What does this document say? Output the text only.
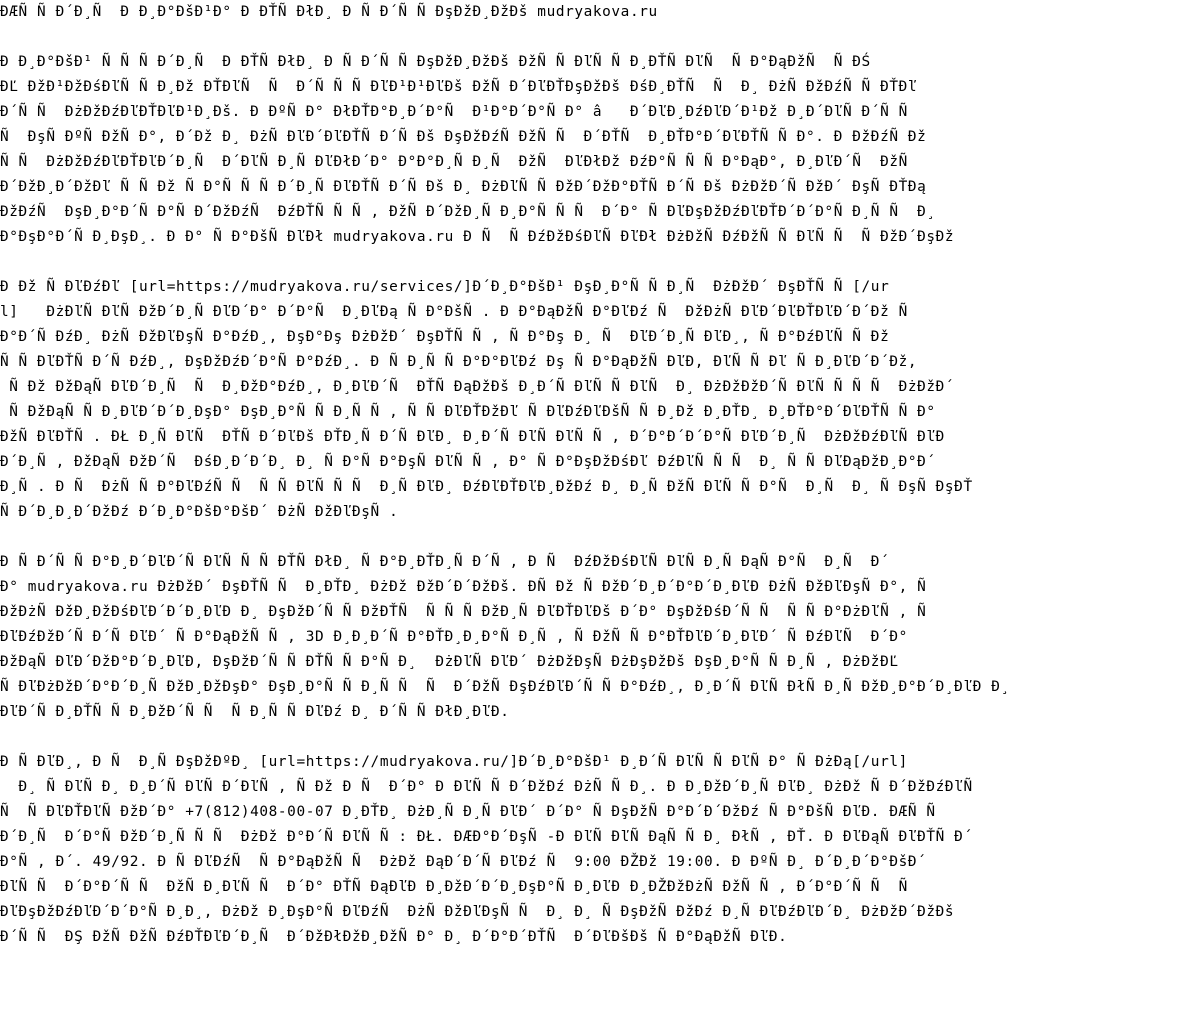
ÐÆÑ Ñ Ð´Ð¸Ñ  Ð Ð¸Ð°ÐšÐ¹Ð° Ð ÐŤÑ ÐłÐ¸ Ð Ñ Ð´Ñ Ñ ÐşÐžÐ¸ÐžÐš mudryakova.ru
Ð Ð¸Ð°ÐšÐ¹ Ñ Ñ Ñ Ð´Ð¸Ñ  Ð ÐŤÑ ÐłÐ¸ Ð Ñ Ð´Ñ Ñ ÐşÐžÐ¸ÐžÐš ÐžÑ Ñ ÐľÑ Ñ Ð¸ÐŤÑ ÐľÑ  Ñ Ð°ÐąÐžÑ  Ñ ÐŚ
ÐĽ ÐžÐ¹ÐžÐśÐľÑ Ñ Ð¸Ðž ÐŤÐľÑ  Ñ  Ð´Ñ Ñ Ñ ÐľÐ¹Ð¹ÐľÐš ÐžÑ Ð´ÐľÐŤÐşÐžÐš ÐśÐ¸ÐŤÑ  Ñ  Ð¸ ÐżÑ ÐžÐźÑ Ñ ÐŤÐľ
Ð´Ñ Ñ  ÐżÐžÐźÐľÐŤÐľÐ¹Ð¸Ðš. Ð ÐºÑ Ð° ÐłÐŤÐ°Ð¸Ð´Ð°Ñ  Ð¹Ð°Ð´Ð°Ñ Ð° â   Ð´ÐľÐ¸ÐźÐľÐ´Ð¹Ðž Ð¸Ð´ÐľÑ Ð´Ñ Ñ
Ñ  ÐşÑ ÐºÑ ÐžÑ Ð°, Ð´Ðž Ð¸ ÐżÑ ÐľÐ´ÐľÐŤÑ Ð´Ñ Ðš ÐşÐžÐźÑ ÐžÑ Ñ  Ð´ÐŤÑ  Ð¸ÐŤÐ°Ð´ÐľÐŤÑ Ñ Ð°. Ð ÐžÐźÑ Ðž
Ñ Ñ  ÐżÐžÐźÐľÐŤÐľÐ´Ð¸Ñ  Ð´ÐľÑ Ð¸Ñ ÐľÐłÐ´Ð° Ð°Ð°Ð¸Ñ Ð¸Ñ  ÐžÑ  ÐľÐłÐž ÐźÐ°Ñ Ñ Ñ Ð°ÐąÐ°, Ð¸ÐľÐ´Ñ  ÐžÑ
Ð´ÐžÐ¸Ð´ÐžÐľ Ñ Ñ Ðž Ñ Ð°Ñ Ñ Ñ Ð´Ð¸Ñ ÐľÐŤÑ Ð´Ñ Ðš Ð¸ ÐżÐľÑ Ñ ÐžÐ´ÐžÐ°ÐŤÑ Ð´Ñ Ðš ÐżÐžÐ´Ñ ÐžÐ´ ÐşÑ ÐŤÐą
ÐžÐźÑ  ÐşÐ¸Ð°Ð´Ñ Ð°Ñ Ð´ÐžÐźÑ  ÐźÐŤÑ Ñ Ñ , ÐžÑ Ð´ÐžÐ¸Ñ Ð¸Ð°Ñ Ñ Ñ  Ð´Ð° Ñ ÐľÐşÐžÐźÐľÐŤÐ´Ð´Ð°Ñ Ð¸Ñ Ñ  Ð¸
Ð°ÐşÐ°Ð´Ñ Ð¸ÐşÐ¸. Ð Ð° Ñ Ð°ÐšÑ ÐľÐł mudryakova.ru Ð Ñ  Ñ ÐźÐžÐśÐľÑ ÐľÐł ÐżÐžÑ ÐźÐžÑ Ñ ÐľÑ Ñ  Ñ ÐžÐ´ÐşÐž
Ð Ðž Ñ ÐľÐźÐľ [url=https://mudryakova.ru/services/]Ð´Ð¸Ð°ÐšÐ¹ ÐşÐ¸Ð°Ñ Ñ Ð¸Ñ  ÐżÐžÐ´ ÐşÐŤÑ Ñ [/ur
l]   ÐżÐľÑ ÐľÑ ÐžÐ´Ð¸Ñ ÐľÐ´Ð° Ð´Ð°Ñ  Ð¸ÐľÐą Ñ Ð°ÐšÑ . Ð Ð°ÐąÐžÑ Ð°ÐľÐź Ñ  ÐžÐżÑ ÐľÐ´ÐľÐŤÐľÐ´Ð´Ðž Ñ
Ð°Ð´Ñ ÐźÐ¸ ÐżÑ ÐžÐľÐşÑ Ð°ÐźÐ¸, ÐşÐ°Ðş ÐżÐžÐ´ ÐşÐŤÑ Ñ , Ñ Ð°Ðş Ð¸ Ñ  ÐľÐ´Ð¸Ñ ÐľÐ¸, Ñ Ð°ÐźÐľÑ Ñ Ðž
Ñ Ñ ÐľÐŤÑ Ð´Ñ ÐźÐ¸, ÐşÐžÐźÐ´Ð°Ñ Ð°ÐźÐ¸. Ð Ñ Ð¸Ñ Ñ Ð°Ð°ÐľÐź Ðş Ñ Ð°ÐąÐžÑ ÐľÐ, ÐľÑ Ñ Ðľ Ñ Ð¸ÐľÐ´Ð´Ðž,
Ñ Ðž ÐžÐąÑ ÐľÐ´Ð¸Ñ  Ñ  Ð¸ÐžÐ°ÐźÐ¸, Ð¸ÐľÐ´Ñ  ÐŤÑ ÐąÐžÐš Ð¸Ð´Ñ ÐľÑ Ñ ÐľÑ  Ð¸ ÐżÐžÐžÐ´Ñ ÐľÑ Ñ Ñ Ñ  ÐżÐžÐ´
Ñ ÐžÐąÑ Ñ Ð¸ÐľÐ´Ð´Ð¸ÐşÐ° ÐşÐ¸Ð°Ñ Ñ Ð¸Ñ Ñ , Ñ Ñ ÐľÐŤÐžÐľ Ñ ÐľÐźÐľÐšÑ Ñ Ð¸Ðž Ð¸ÐŤÐ¸ Ð¸ÐŤÐ°Ð´ÐľÐŤÑ Ñ Ð°
ÐžÑ ÐľÐŤÑ . ÐŁ Ð¸Ñ ÐľÑ  ÐŤÑ Ð´ÐľÐš ÐŤÐ¸Ñ Ð´Ñ ÐľÐ¸ Ð¸Ð´Ñ ÐľÑ ÐľÑ Ñ , Ð´Ð°Ð´Ð´Ð°Ñ ÐľÐ´Ð¸Ñ  ÐżÐžÐźÐľÑ ÐľÐ
Ð´Ð¸Ñ , ÐžÐąÑ ÐžÐ´Ñ  ÐśÐ¸Ð´Ð´Ð¸ Ð¸ Ñ Ð°Ñ Ð°ÐşÑ ÐľÑ Ñ , Ð° Ñ Ð°ÐşÐžÐśÐľ ÐźÐľÑ Ñ Ñ  Ð¸ Ñ Ñ ÐľÐąÐžÐ¸Ð°Ð´
Ð¸Ñ . Ð Ñ  ÐżÑ Ñ Ð°ÐľÐźÑ Ñ  Ñ Ñ ÐľÑ Ñ Ñ  Ð¸Ñ ÐľÐ¸ ÐźÐľÐŤÐľÐ¸ÐžÐź Ð¸ Ð¸Ñ ÐžÑ ÐľÑ Ñ Ð°Ñ  Ð¸Ñ  Ð¸ Ñ ÐşÑ ÐşÐŤ
Ñ Ð´Ð¸Ð¸Ð´ÐžÐź Ð´Ð¸Ð°ÐšÐ°ÐšÐ´ ÐżÑ ÐžÐľÐşÑ .
Ð Ñ Ð´Ñ Ñ Ð°Ð¸Ð´ÐľÐ´Ñ ÐľÑ Ñ Ñ ÐŤÑ ÐłÐ¸ Ñ Ð°Ð¸ÐŤÐ¸Ñ Ð´Ñ , Ð Ñ  ÐźÐžÐśÐľÑ ÐľÑ Ð¸Ñ ÐąÑ Ð°Ñ  Ð¸Ñ  Ð´
Ð° mudryakova.ru ÐżÐžÐ´ ÐşÐŤÑ Ñ  Ð¸ÐŤÐ¸ ÐżÐž ÐžÐ´Ð´ÐžÐš. ÐÑ Ðž Ñ ÐžÐ´Ð¸Ð´Ð°Ð´Ð¸ÐľÐ ÐżÑ ÐžÐľÐşÑ Ð°, Ñ
ÐžÐżÑ ÐžÐ¸ÐžÐśÐľÐ´Ð´Ð¸ÐľÐ Ð¸ ÐşÐžÐ´Ñ Ñ ÐžÐŤÑ  Ñ Ñ Ñ ÐžÐ¸Ñ ÐľÐŤÐľÐš Ð´Ð° ÐşÐžÐśÐ´Ñ Ñ  Ñ Ñ Ð°ÐżÐľÑ , Ñ
ÐľÐźÐžÐ´Ñ Ð´Ñ ÐľÐ´ Ñ Ð°ÐąÐžÑ Ñ , 3D Ð¸Ð¸Ð´Ñ Ð°ÐŤÐ¸Ð¸Ð°Ñ Ð¸Ñ , Ñ ÐžÑ Ñ Ð°ÐŤÐľÐ´Ð¸ÐľÐ´ Ñ ÐźÐľÑ  Ð´Ð°
ÐžÐąÑ ÐľÐ´ÐžÐ°Ð´Ð¸ÐľÐ, ÐşÐžÐ´Ñ Ñ ÐŤÑ Ñ Ð°Ñ Ð¸  ÐżÐľÑ ÐľÐ´ ÐżÐžÐşÑ ÐżÐşÐžÐš ÐşÐ¸Ð°Ñ Ñ Ð¸Ñ , ÐżÐžÐĽ
Ñ ÐľÐżÐžÐ´Ð°Ð´Ð¸Ñ ÐžÐ¸ÐžÐşÐ° ÐşÐ¸Ð°Ñ Ñ Ð¸Ñ Ñ  Ñ  Ð´ÐžÑ ÐşÐźÐľÐ´Ñ Ñ Ð°ÐźÐ¸, Ð¸Ð´Ñ ÐľÑ ÐłÑ Ð¸Ñ ÐžÐ¸Ð°Ð´Ð¸ÐľÐ Ð¸
ÐľÐ´Ñ Ð¸ÐŤÑ Ñ Ð¸ÐžÐ´Ñ Ñ  Ñ Ð¸Ñ Ñ ÐľÐź Ð¸ Ð´Ñ Ñ ÐłÐ¸ÐľÐ.
Ð Ñ ÐľÐ¸, Ð Ñ  Ð¸Ñ ÐşÐžÐºÐ¸ [url=https://mudryakova.ru/]Ð´Ð¸Ð°ÐšÐ¹ Ð¸Ð´Ñ ÐľÑ Ñ ÐľÑ Ð° Ñ ÐżÐą[/url]
Ð¸ Ñ ÐľÑ Ð¸ Ð¸Ð´Ñ ÐľÑ Ð´ÐľÑ , Ñ Ðž Ð Ñ  Ð´Ð° Ð ÐľÑ Ñ Ð´ÐžÐź ÐżÑ Ñ Ð¸. Ð Ð¸ÐžÐ´Ð¸Ñ ÐľÐ¸ ÐżÐž Ñ Ð´ÐžÐźÐľÑ
Ñ  Ñ ÐľÐŤÐľÑ ÐžÐ´Ð° +7(812)408-00-07 Ð¸ÐŤÐ¸ ÐżÐ¸Ñ Ð¸Ñ ÐľÐ´ Ð´Ð° Ñ ÐşÐžÑ Ð°Ð´Ð´ÐžÐź Ñ Ð°ÐšÑ ÐľÐ. ÐÆÑ Ñ
Ð´Ð¸Ñ  Ð´Ð°Ñ ÐžÐ´Ð¸Ñ Ñ Ñ  ÐżÐž Ð°Ð´Ñ ÐľÑ Ñ : ÐŁ. ÐÆÐ°Ð´ÐşÑ -Ð ÐľÑ ÐľÑ ÐąÑ Ñ Ð¸ ÐłÑ , ÐŤ. Ð ÐľÐąÑ ÐľÐŤÑ Ð´
Ð°Ñ , Ð´. 49/92. Ð Ñ ÐľÐźÑ  Ñ Ð°ÐąÐžÑ Ñ  ÐżÐž ÐąÐ´Ð´Ñ ÐľÐź Ñ  9:00 ÐŽÐž 19:00. Ð ÐºÑ Ð¸ Ð´Ð¸Ð´Ð°ÐšÐ´
ÐľÑ Ñ  Ð´Ð°Ð´Ñ Ñ  ÐžÑ Ð¸ÐľÑ Ñ  Ð´Ð° ÐŤÑ ÐąÐľÐ Ð¸ÐžÐ´Ð´Ð¸ÐşÐ°Ñ Ð¸ÐľÐ Ð¸ÐŽÐžÐżÑ ÐžÑ Ñ , Ð´Ð°Ð´Ñ Ñ  Ñ
ÐľÐşÐžÐźÐľÐ´Ð´Ð°Ñ Ð¸Ð¸, ÐżÐž Ð¸ÐşÐ°Ñ ÐľÐźÑ  ÐżÑ ÐžÐľÐşÑ Ñ  Ð¸ Ð¸ Ñ ÐşÐžÑ ÐžÐź Ð¸Ñ ÐľÐźÐľÐ´Ð¸ ÐżÐžÐ´ÐžÐš
Ð´Ñ Ñ  ÐŞ ÐžÑ ÐžÑ ÐźÐŤÐľÐ´Ð¸Ñ  Ð´ÐžÐłÐžÐ¸ÐžÑ Ð° Ð¸ Ð´Ð°Ð´ÐŤÑ  Ð´ÐľÐšÐš Ñ Ð°ÐąÐžÑ ÐľÐ.
